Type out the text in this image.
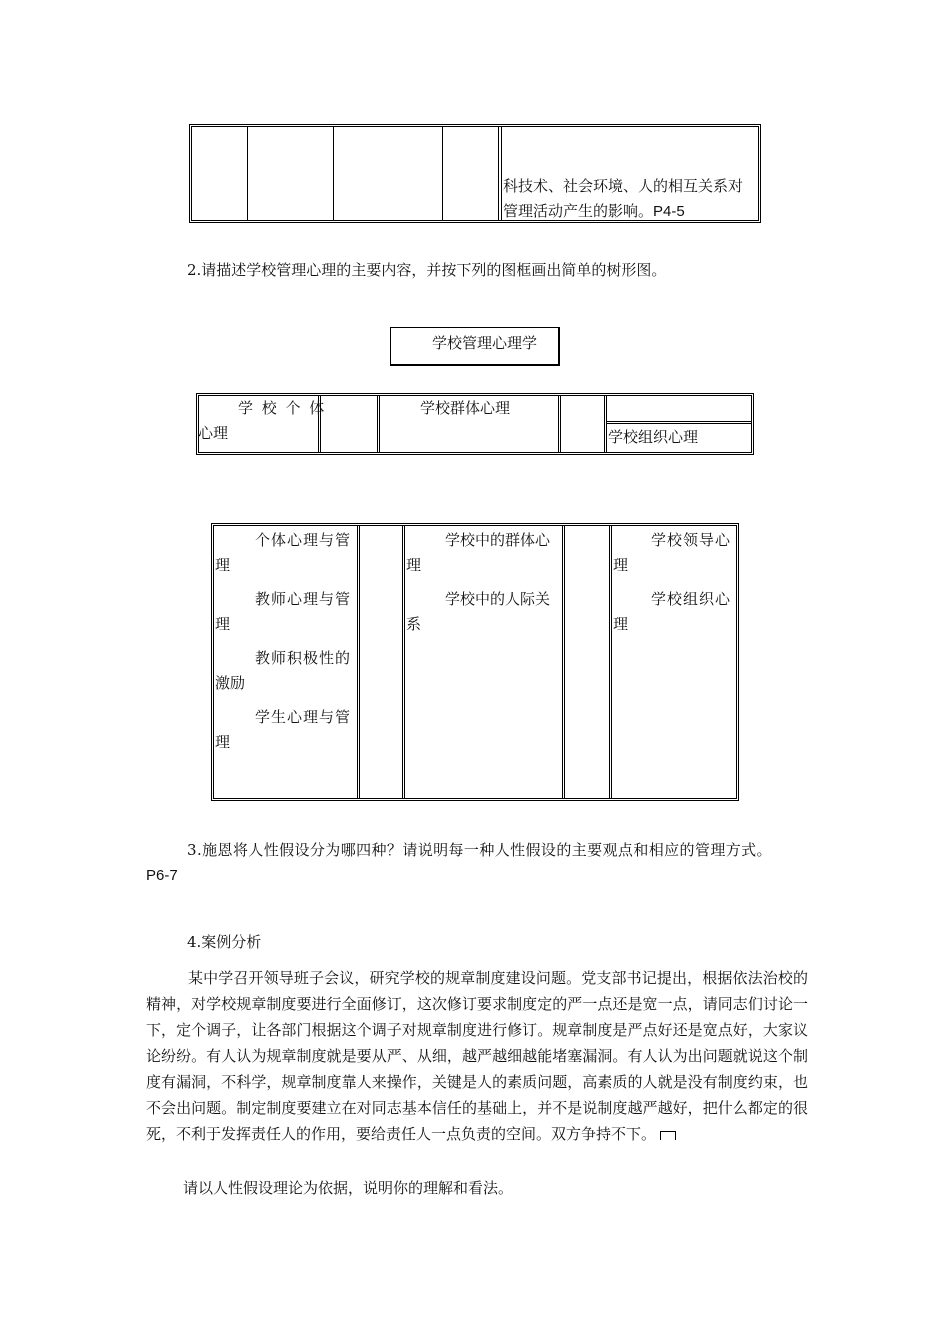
科技术、社会环境、人的相互关系对
管理活动产生的影响。P4-5
2.请描述学校管理心理的主要内容，并按下列的图框画出简单的树形图。
学校管理心理学
学 校 个 体
心理
学校群体心理
学校组织心理
个体心理与管
理
教师心理与管
理
教师积极性的
激励
学生心理与管
理
学校中的群体心
理
学校中的人际关
系
学校领导心
理
学校组织心
理
3.施恩将人性假设分为哪四种？请说明每一种人性假设的主要观点和相应的管理方式。
P6-7
4.案例分析
某中学召开领导班子会议，研究学校的规章制度建设问题。党支部书记提出，根据依法治校的精神，对学校规章制度要进行全面修订，这次修订要求制度定的严一点还是宽一点，请同志们讨论一下，定个调子，让各部门根据这个调子对规章制度进行修订。规章制度是严点好还是宽点好，大家议论纷纷。有人认为规章制度就是要从严、从细，越严越细越能堵塞漏洞。有人认为出问题就说这个制度有漏洞，不科学，规章制度靠人来操作，关键是人的素质问题，高素质的人就是没有制度约束，也不会出问题。制定制度要建立在对同志基本信任的基础上，并不是说制度越严越好，把什么都定的很死，不利于发挥责任人的作用，要给责任人一点负责的空间。双方争持不下。
请以人性假设理论为依据，说明你的理解和看法。
